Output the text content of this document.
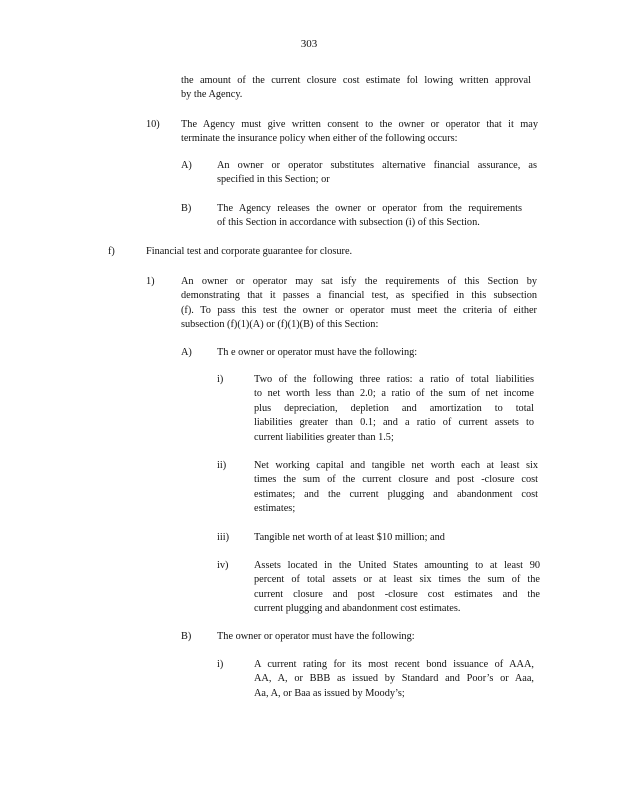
303
the amount of the current closure cost estimate fol lowing written approval
by the Agency.
10) The Agency must give written consent to the owner or operator that it may
terminate the insurance policy when either of the following occurs:
A) An owner or operator substitutes alternative financial assurance, as
specified in this Section; or
B) The Agency releases the owner or operator from the requirements
of this Section in accordance with subsection (i) of this Section.
f)	Financial test and corporate guarantee for closure.
1)	An owner or operator may sat isfy the requirements of this Section by
demonstrating that it passes a financial test, as specified in this subsection
(f). To pass this test the owner or operator must meet the criteria of either
subsection (f)(1)(A) or (f)(1)(B) of this Section:
A) Th e owner or operator must have the following:
i)	Two of the following three ratios: a ratio of total liabilities
to net worth less than 2.0; a ratio of the sum of net income
plus depreciation, depletion and amortization to total
liabilities greater than 0.1; and a ratio of current assets to
current liabilities greater than 1.5;
ii)	Net working capital and tangible net worth each at least six
times the sum of the current closure and post -closure cost
estimates; and the current plugging and abandonment cost
estimates;
iii) Tangible net worth of at least $10 million; and
iv) Assets located in the United States amounting to at least 90
percent of total assets or at least six times the sum of the
current closure and post -closure cost estimates and the
current plugging and abandonment cost estimates.
B) The owner or operator must have the following:
i)	A current rating for its most recent bond issuance of AAA,
AA, A, or BBB as issued by Standard and Poor’s or Aaa,
Aa, A, or Baa as issued by Moody’s;
